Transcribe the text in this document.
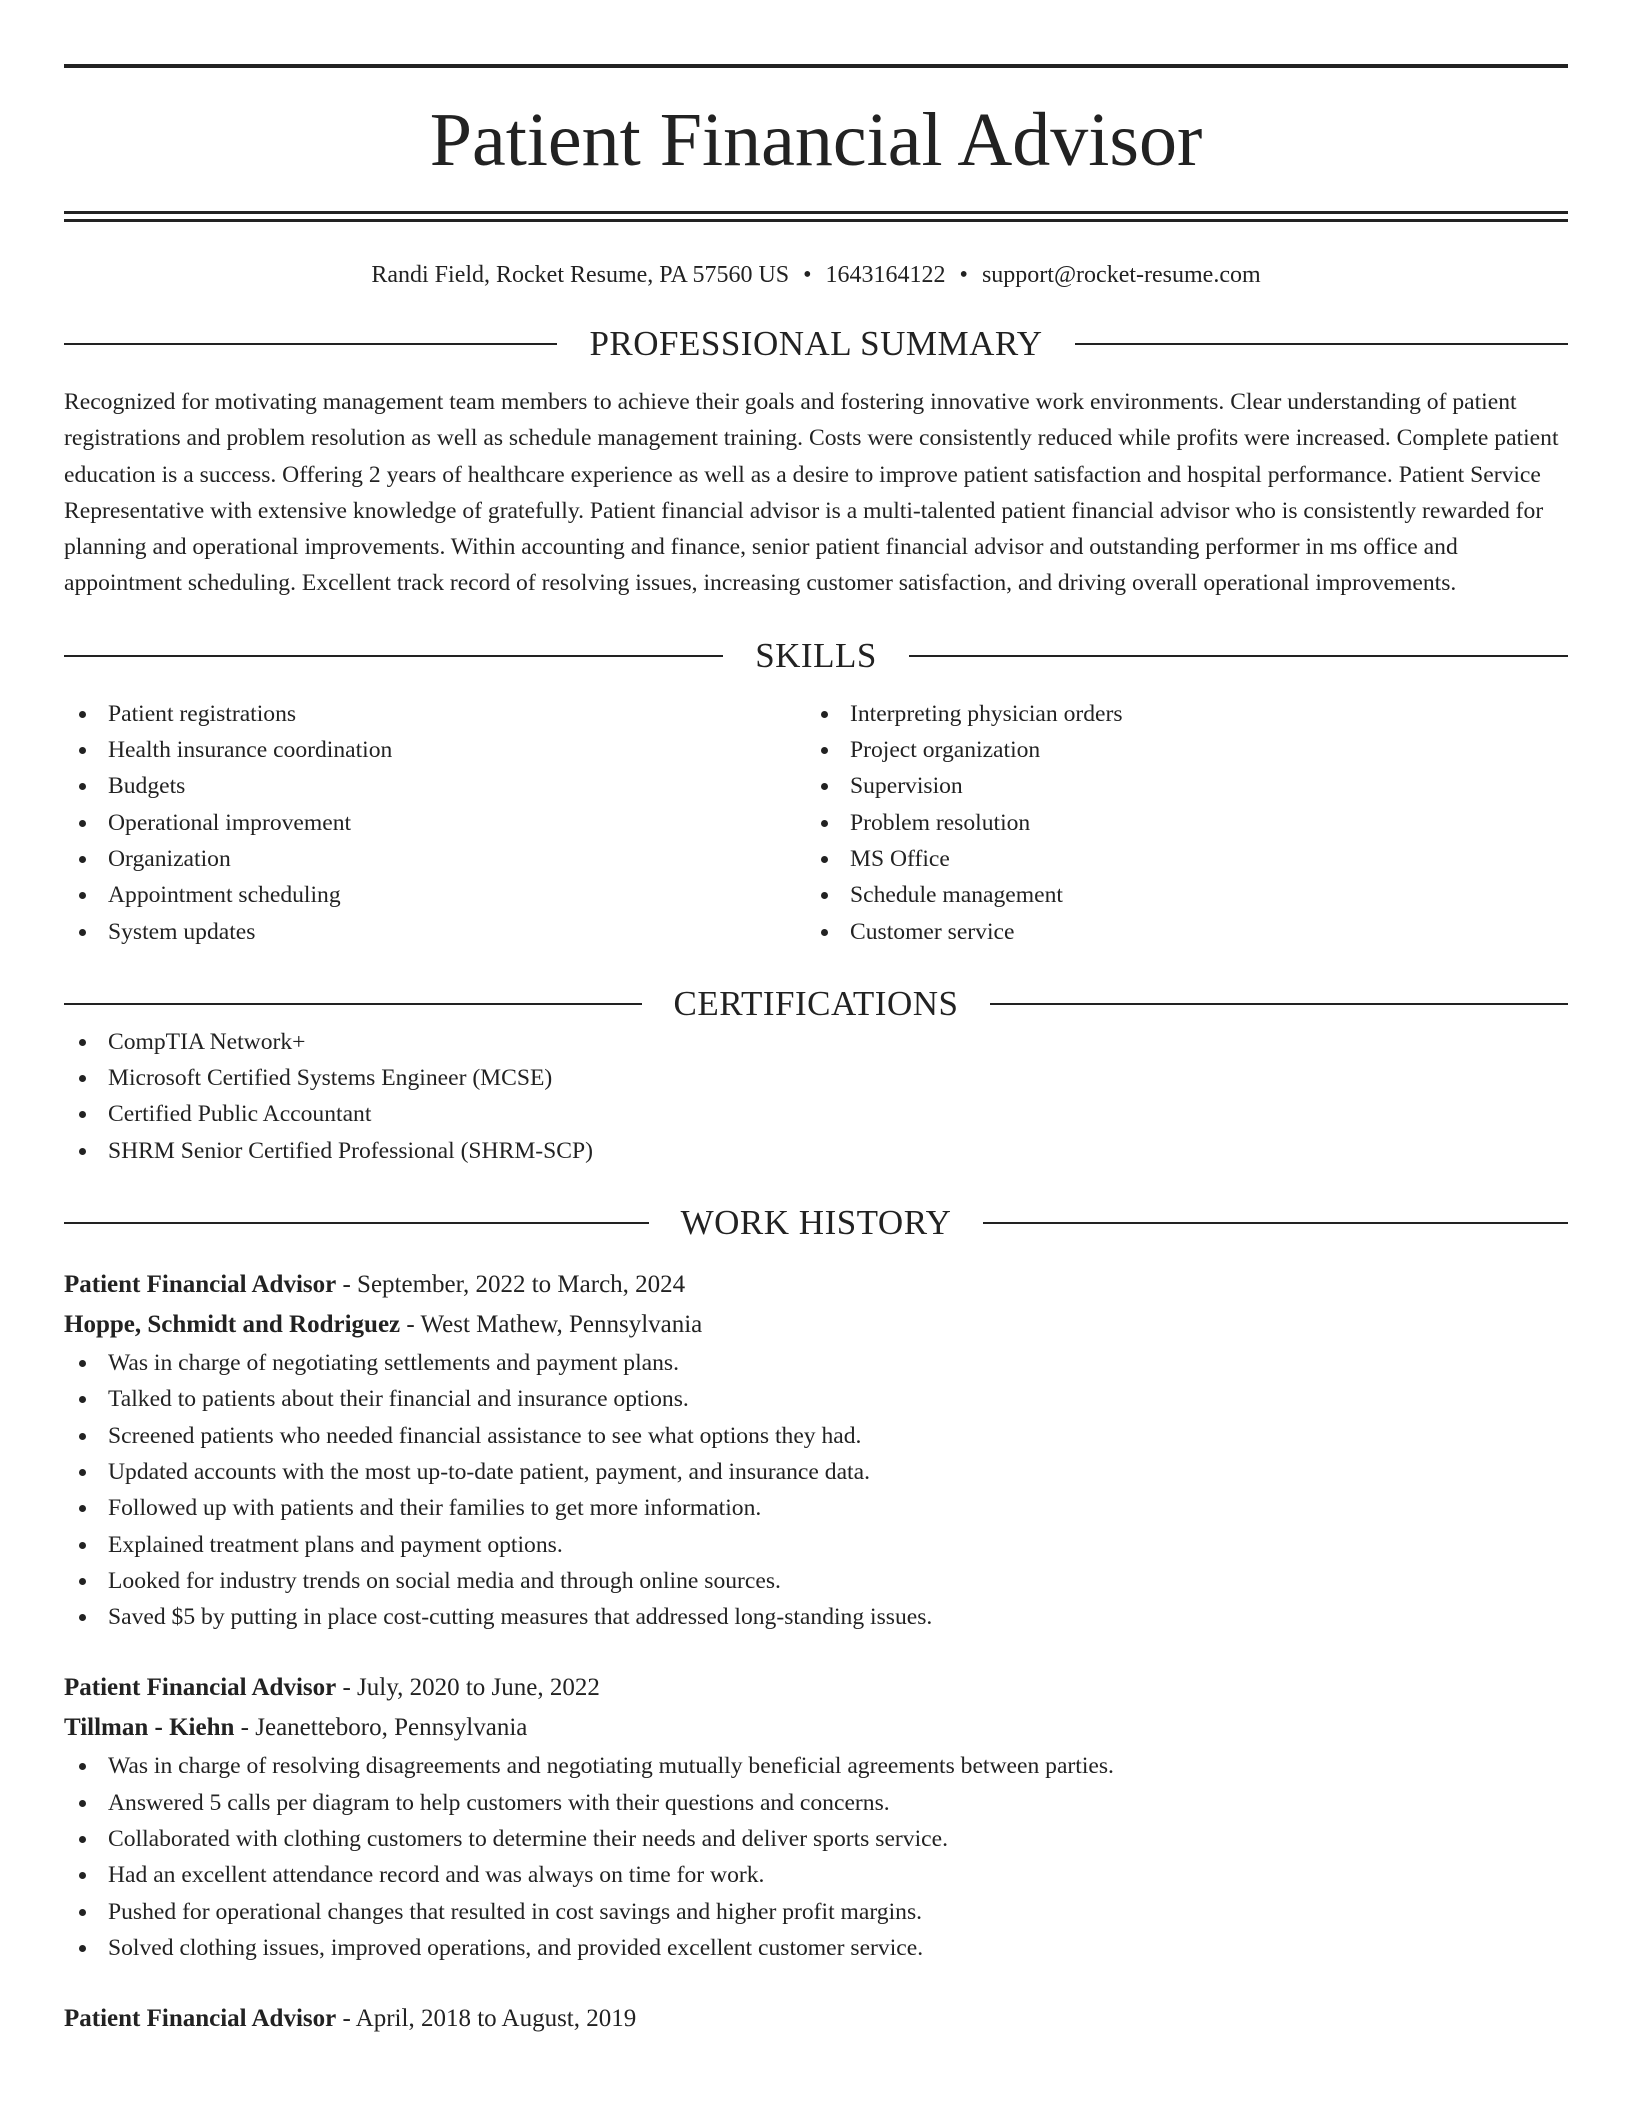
Patient Financial Advisor
Randi Field, Rocket Resume, PA 57560 US • 1643164122 • support@rocket-resume.com
PROFESSIONAL SUMMARY
Recognized for motivating management team members to achieve their goals and fostering innovative work environments. Clear understanding of patient registrations and problem resolution as well as schedule management training. Costs were consistently reduced while profits were increased. Complete patient education is a success. Offering 2 years of healthcare experience as well as a desire to improve patient satisfaction and hospital performance. Patient Service Representative with extensive knowledge of gratefully. Patient financial advisor is a multi-talented patient financial advisor who is consistently rewarded for planning and operational improvements. Within accounting and finance, senior patient financial advisor and outstanding performer in ms office and appointment scheduling. Excellent track record of resolving issues, increasing customer satisfaction, and driving overall operational improvements.
SKILLS
Patient registrations
Health insurance coordination
Budgets
Operational improvement
Organization
Appointment scheduling
System updates
Interpreting physician orders
Project organization
Supervision
Problem resolution
MS Office
Schedule management
Customer service
CERTIFICATIONS
CompTIA Network+
Microsoft Certified Systems Engineer (MCSE)
Certified Public Accountant
SHRM Senior Certified Professional (SHRM-SCP)
WORK HISTORY
Patient Financial Advisor - September, 2022 to March, 2024
Hoppe, Schmidt and Rodriguez - West Mathew, Pennsylvania
Was in charge of negotiating settlements and payment plans.
Talked to patients about their financial and insurance options.
Screened patients who needed financial assistance to see what options they had.
Updated accounts with the most up-to-date patient, payment, and insurance data.
Followed up with patients and their families to get more information.
Explained treatment plans and payment options.
Looked for industry trends on social media and through online sources.
Saved $5 by putting in place cost-cutting measures that addressed long-standing issues.
Patient Financial Advisor - July, 2020 to June, 2022
Tillman - Kiehn - Jeanetteboro, Pennsylvania
Was in charge of resolving disagreements and negotiating mutually beneficial agreements between parties.
Answered 5 calls per diagram to help customers with their questions and concerns.
Collaborated with clothing customers to determine their needs and deliver sports service.
Had an excellent attendance record and was always on time for work.
Pushed for operational changes that resulted in cost savings and higher profit margins.
Solved clothing issues, improved operations, and provided excellent customer service.
Patient Financial Advisor - April, 2018 to August, 2019
